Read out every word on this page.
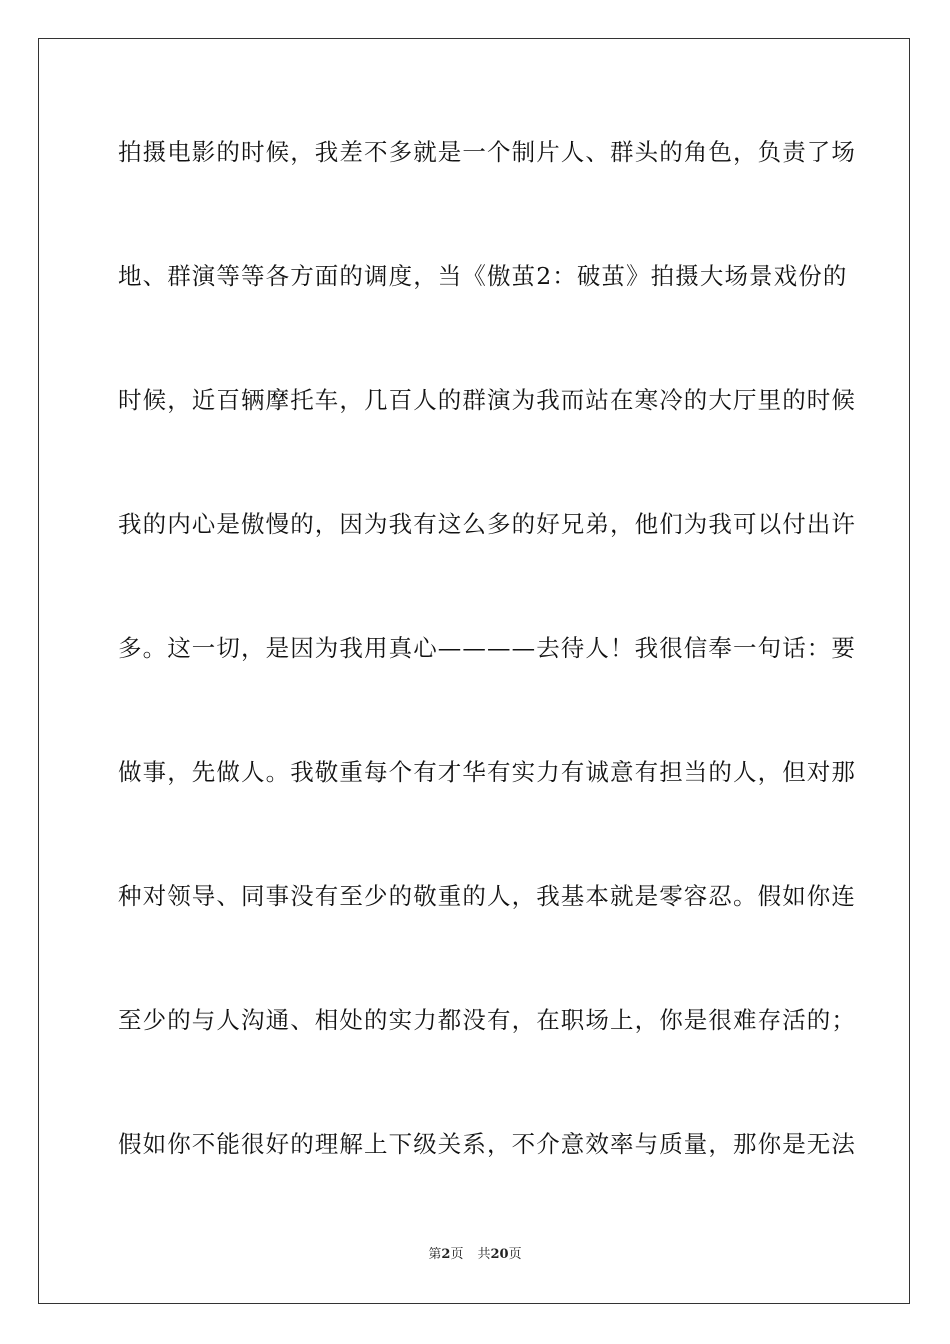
拍摄电影的时候，我差不多就是一个制片人、群头的角色，负责了场
地、群演等等各方面的调度，当《傲茧2：破茧》拍摄大场景戏份的
时候，近百辆摩托车，几百人的群演为我而站在寒冷的大厅里的时候
我的内心是傲慢的，因为我有这么多的好兄弟，他们为我可以付出许
多。这一切，是因为我用真心————去待人！我很信奉一句话：要
做事，先做人。我敬重每个有才华有实力有诚意有担当的人，但对那
种对领导、同事没有至少的敬重的人，我基本就是零容忍。假如你连
至少的与人沟通、相处的实力都没有，在职场上，你是很难存活的；
假如你不能很好的理解上下级关系，不介意效率与质量，那你是无法
第2页 共20页
